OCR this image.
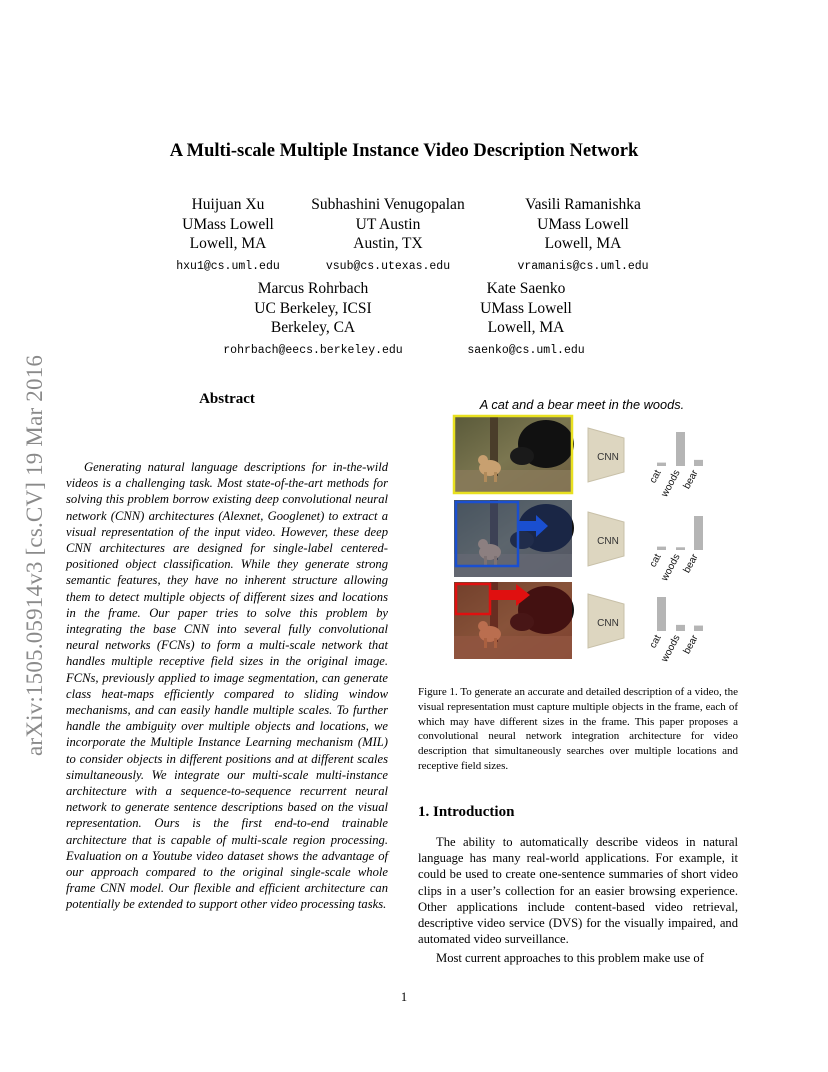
arXiv:1505.05914v3 [cs.CV] 19 Mar 2016
A Multi-scale Multiple Instance Video Description Network
Huijuan Xu
UMass Lowell
Lowell, MA
hxu1@cs.uml.edu
Subhashini Venugopalan
UT Austin
Austin, TX
vsub@cs.utexas.edu
Vasili Ramanishka
UMass Lowell
Lowell, MA
vramanis@cs.uml.edu
Marcus Rohrbach
UC Berkeley, ICSI
Berkeley, CA
rohrbach@eecs.berkeley.edu
Kate Saenko
UMass Lowell
Lowell, MA
saenko@cs.uml.edu
Abstract
Generating natural language descriptions for in-the-wild videos is a challenging task. Most state-of-the-art methods for solving this problem borrow existing deep convolutional neural network (CNN) architectures (Alexnet, Googlenet) to extract a visual representation of the input video. However, these deep CNN architectures are designed for single-label centered-positioned object classification. While they generate strong semantic features, they have no inherent structure allowing them to detect multiple objects of different sizes and locations in the frame. Our paper tries to solve this problem by integrating the base CNN into several fully convolutional neural networks (FCNs) to form a multi-scale network that handles multiple receptive field sizes in the original image. FCNs, previously applied to image segmentation, can generate class heat-maps efficiently compared to sliding window mechanisms, and can easily handle multiple scales. To further handle the ambiguity over multiple objects and locations, we incorporate the Multiple Instance Learning mechanism (MIL) to consider objects in different positions and at different scales simultaneously. We integrate our multi-scale multi-instance architecture with a sequence-to-sequence recurrent neural network to generate sentence descriptions based on the visual representation. Ours is the first end-to-end trainable architecture that is capable of multi-scale region processing. Evaluation on a Youtube video dataset shows the advantage of our approach compared to the original single-scale whole frame CNN model. Our flexible and efficient architecture can potentially be extended to support other video processing tasks.
A cat and a bear meet in the woods.
CNN
CNN
CNN
cat
woods
bear
cat
woods
bear
cat
woods
bear
Figure 1. To generate an accurate and detailed description of a video, the visual representation must capture multiple objects in the frame, each of which may have different sizes in the frame. This paper proposes a convolutional neural network integration architecture for video description that simultaneously searches over multiple locations and receptive field sizes.
1. Introduction

The ability to automatically describe videos in natural language has many real-world applications. For example, it could be used to create one-sentence summaries of short video clips in a user’s collection for an easier browsing experience. Other applications include content-based video retrieval, descriptive video service (DVS) for the visually impaired, and automated video surveillance.

Most current approaches to this problem make use of

1
